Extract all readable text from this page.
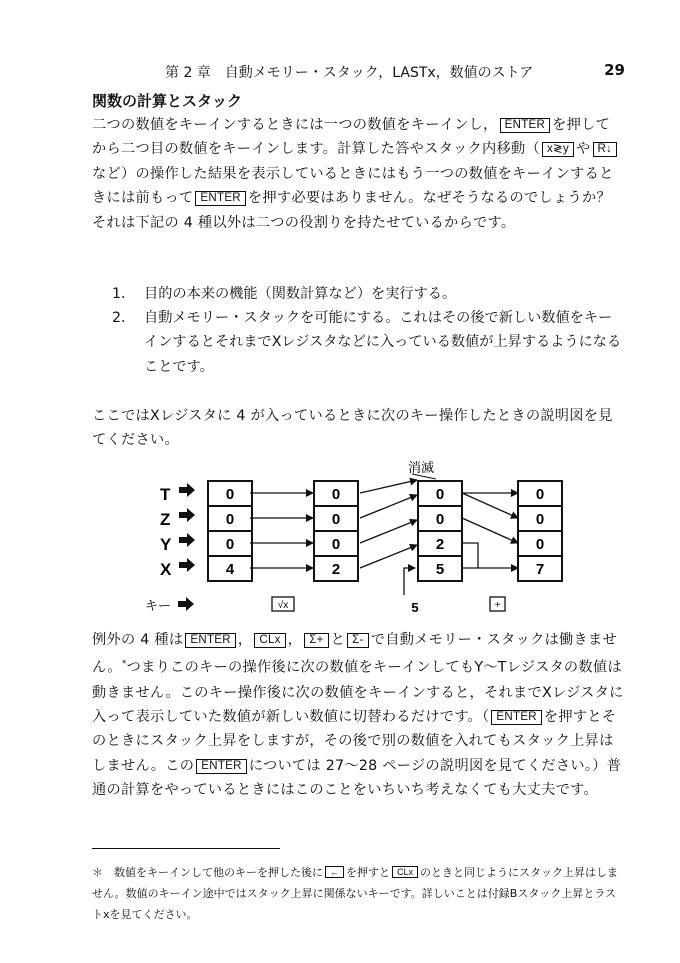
第 2 章　自動メモリー・スタック，LASTx，数値のストア	29
関数の計算とスタック
二つの数値をキーインするときには一つの数値をキーインし， ENTER を押してから二つ目の数値をキーインします。計算した答やスタック内移動（ x≷y や R↓など）の操作した結果を表示しているときにはもう一つの数値をキーインするときには前もって ENTER を押す必要はありません。なぜそうなるのでしょうか？　それは下記の 4 種以外は二つの役割りを持たせているからです。
1． 目的の本来の機能（関数計算など）を実行する。
2． 自動メモリー・スタックを可能にする。これはその後で新しい数値をキーインするとそれまでXレジスタなどに入っている数値が上昇するようになることです。
ここではXレジスタに 4 が入っているときに次のキー操作したときの説明図を見てください。
消滅
T
Z
Y
X
キー
0
0
0
4
0
0
0
2
√x
0
0
2
5
5
0
0
0
7
+
例外の 4 種は ENTER ， CLx ， Σ+ と Σ- で自動メモリー・スタックは働きません。*つまりこのキーの操作後に次の数値をキーインしてもY〜Tレジスタの数値は動きません。このキー操作後に次の数値をキーインすると，それまでXレジスタに入って表示していた数値が新しい数値に切替わるだけです。（ ENTER を押すとそのときにスタック上昇をしますが，その後で別の数値を入れてもスタック上昇はしません。この ENTER については 27〜28 ページの説明図を見てください。）普通の計算をやっているときにはこのことをいちいち考えなくても大丈夫です。
＊　 数値をキーインして他のキーを押した後に ← を押すと CLx のときと同じようにスタック上昇はしません。数値のキーイン途中ではスタック上昇に関係ないキーです。詳しいことは付録Bスタック上昇とラストxを見てください。
